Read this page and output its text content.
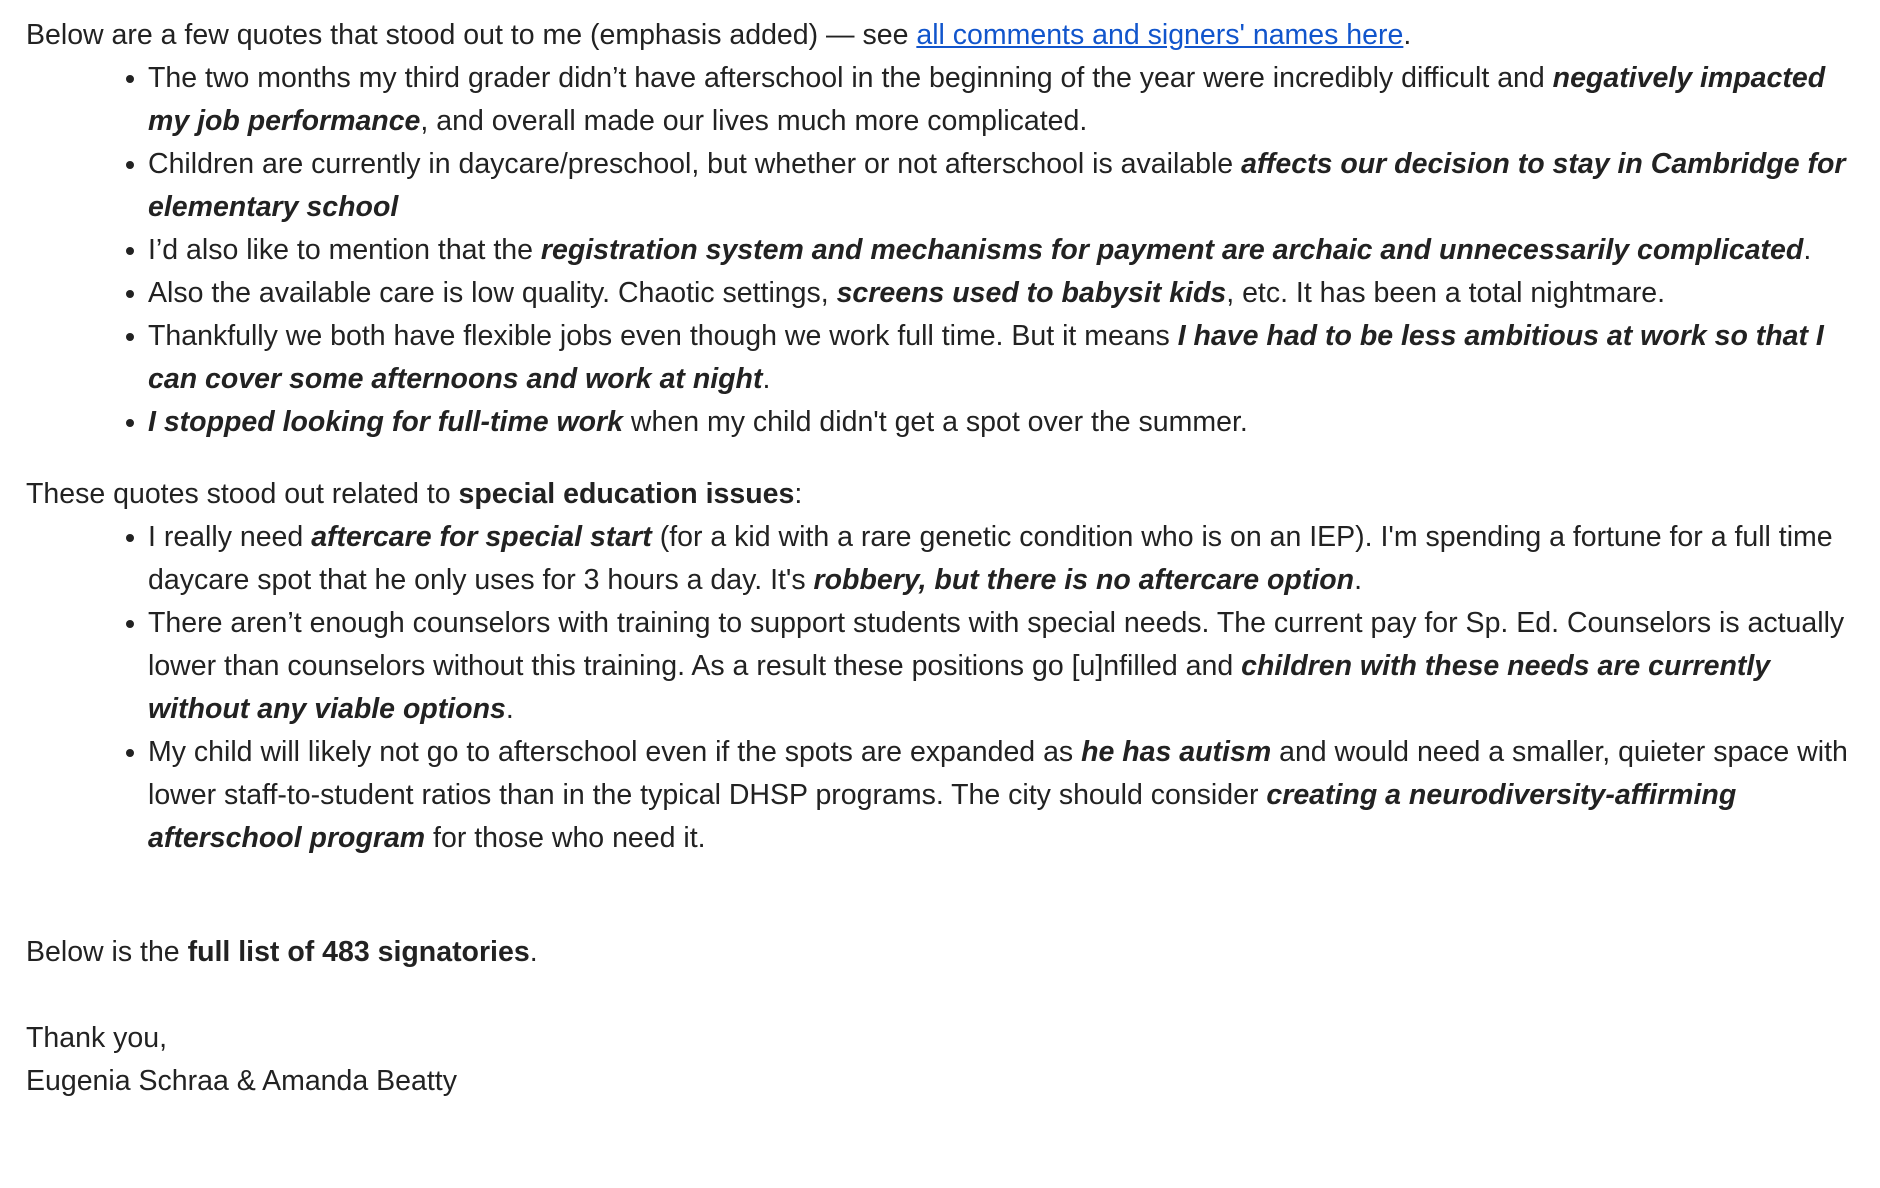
Below are a few quotes that stood out to me (emphasis added) — see all comments and signers' names here.

The two months my third grader didn’t have afterschool in the beginning of the year were incredibly difficult and negatively impacted my job performance, and overall made our lives much more complicated.
Children are currently in daycare/preschool, but whether or not afterschool is available affects our decision to stay in Cambridge for elementary school
I’d also like to mention that the registration system and mechanisms for payment are archaic and unnecessarily complicated.
Also the available care is low quality. Chaotic settings, screens used to babysit kids, etc. It has been a total nightmare.
Thankfully we both have flexible jobs even though we work full time. But it means I have had to be less ambitious at work so that I can cover some afternoons and work at night.
I stopped looking for full-time work when my child didn't get a spot over the summer.

These quotes stood out related to special education issues:

I really need aftercare for special start (for a kid with a rare genetic condition who is on an IEP). I'm spending a fortune for a full time daycare spot that he only uses for 3 hours a day. It's robbery, but there is no aftercare option.
There aren’t enough counselors with training to support students with special needs. The current pay for Sp. Ed. Counselors is actually lower than counselors without this training. As a result these positions go [u]nfilled and children with these needs are currently without any viable options.
My child will likely not go to afterschool even if the spots are expanded as he has autism and would need a smaller, quieter space with lower staff-to-student ratios than in the typical DHSP programs. The city should consider creating a neurodiversity-affirming afterschool program for those who need it.

Below is the full list of 483 signatories.

Thank you,

Eugenia Schraa & Amanda Beatty
